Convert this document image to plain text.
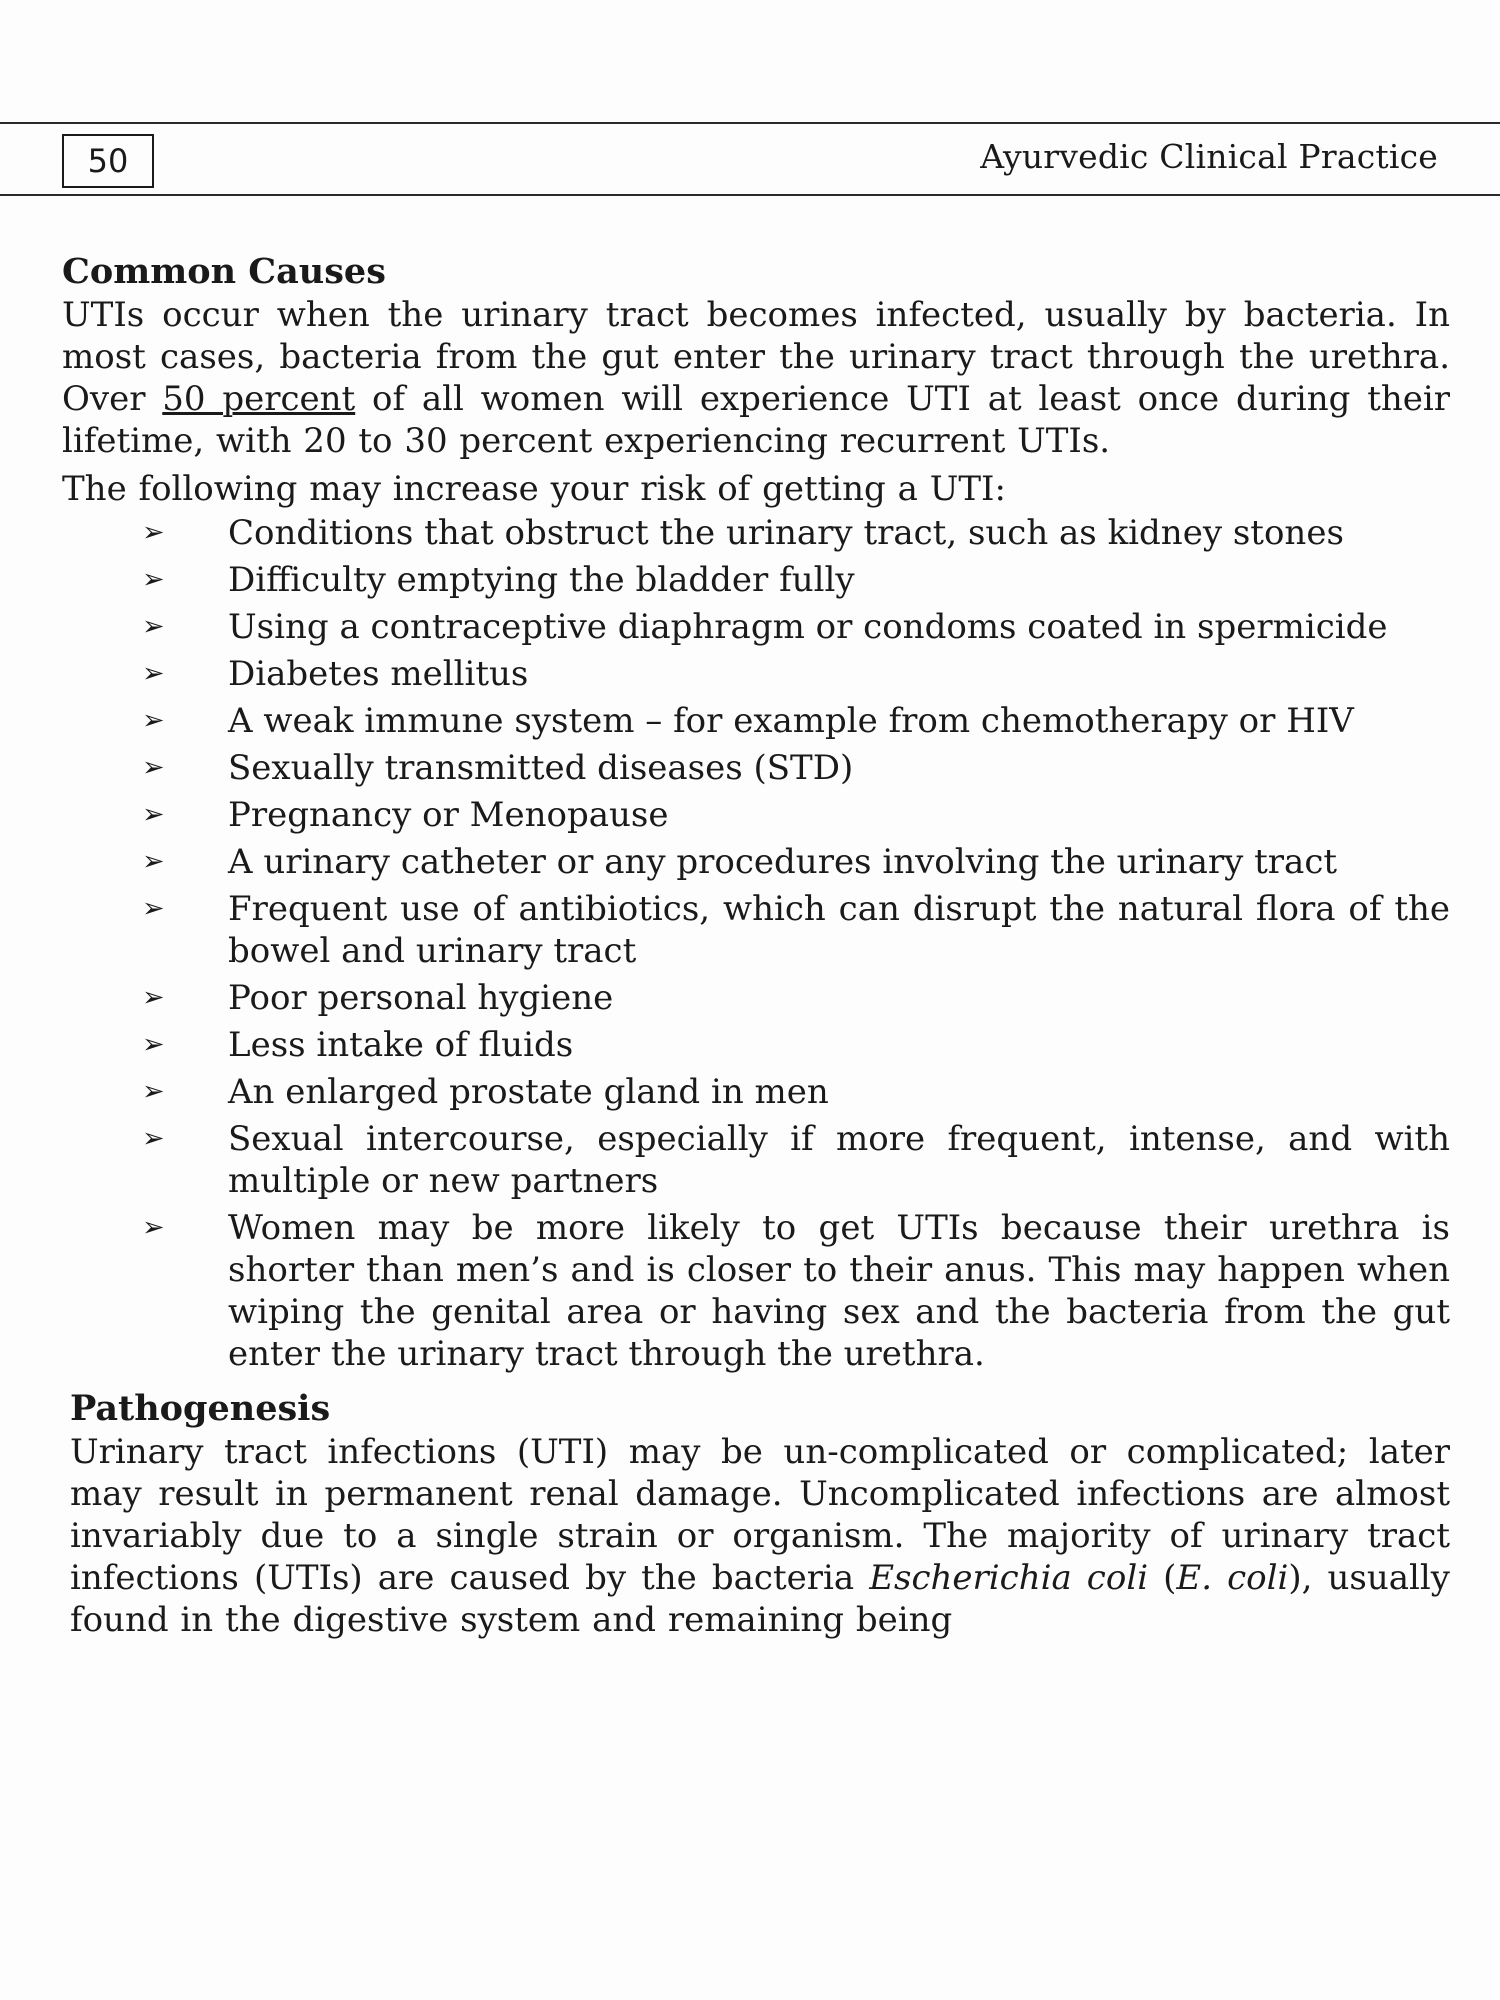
50	Ayurvedic Clinical Practice
Common Causes

UTIs occur when the urinary tract becomes infected, usually by bacteria. In most cases, bacteria from the gut enter the urinary tract through the urethra. Over 50 percent of all women will experience UTI at least once during their lifetime, with 20 to 30 percent experiencing recurrent UTIs.

The following may increase your risk of getting a UTI:

➢ Conditions that obstruct the urinary tract, such as kidney stones
➢ Difficulty emptying the bladder fully
➢ Using a contraceptive diaphragm or condoms coated in spermicide
➢ Diabetes mellitus
➢ A weak immune system – for example from chemotherapy or HIV
➢ Sexually transmitted diseases (STD)
➢ Pregnancy or Menopause
➢ A urinary catheter or any procedures involving the urinary tract
➢ Frequent use of antibiotics, which can disrupt the natural flora of the bowel and urinary tract
➢ Poor personal hygiene
➢ Less intake of fluids
➢ An enlarged prostate gland in men
➢ Sexual intercourse, especially if more frequent, intense, and with multiple or new partners
➢ Women may be more likely to get UTIs because their urethra is shorter than men’s and is closer to their anus. This may happen when wiping the genital area or having sex and the bacteria from the gut enter the urinary tract through the urethra.
Pathogenesis

Urinary tract infections (UTI) may be un-complicated or complicated; later may result in permanent renal damage. Uncomplicated infections are almost invariably due to a single strain or organism. The majority of urinary tract infections (UTIs) are caused by the bacteria Escherichia coli (E. coli), usually found in the digestive system and remaining being
